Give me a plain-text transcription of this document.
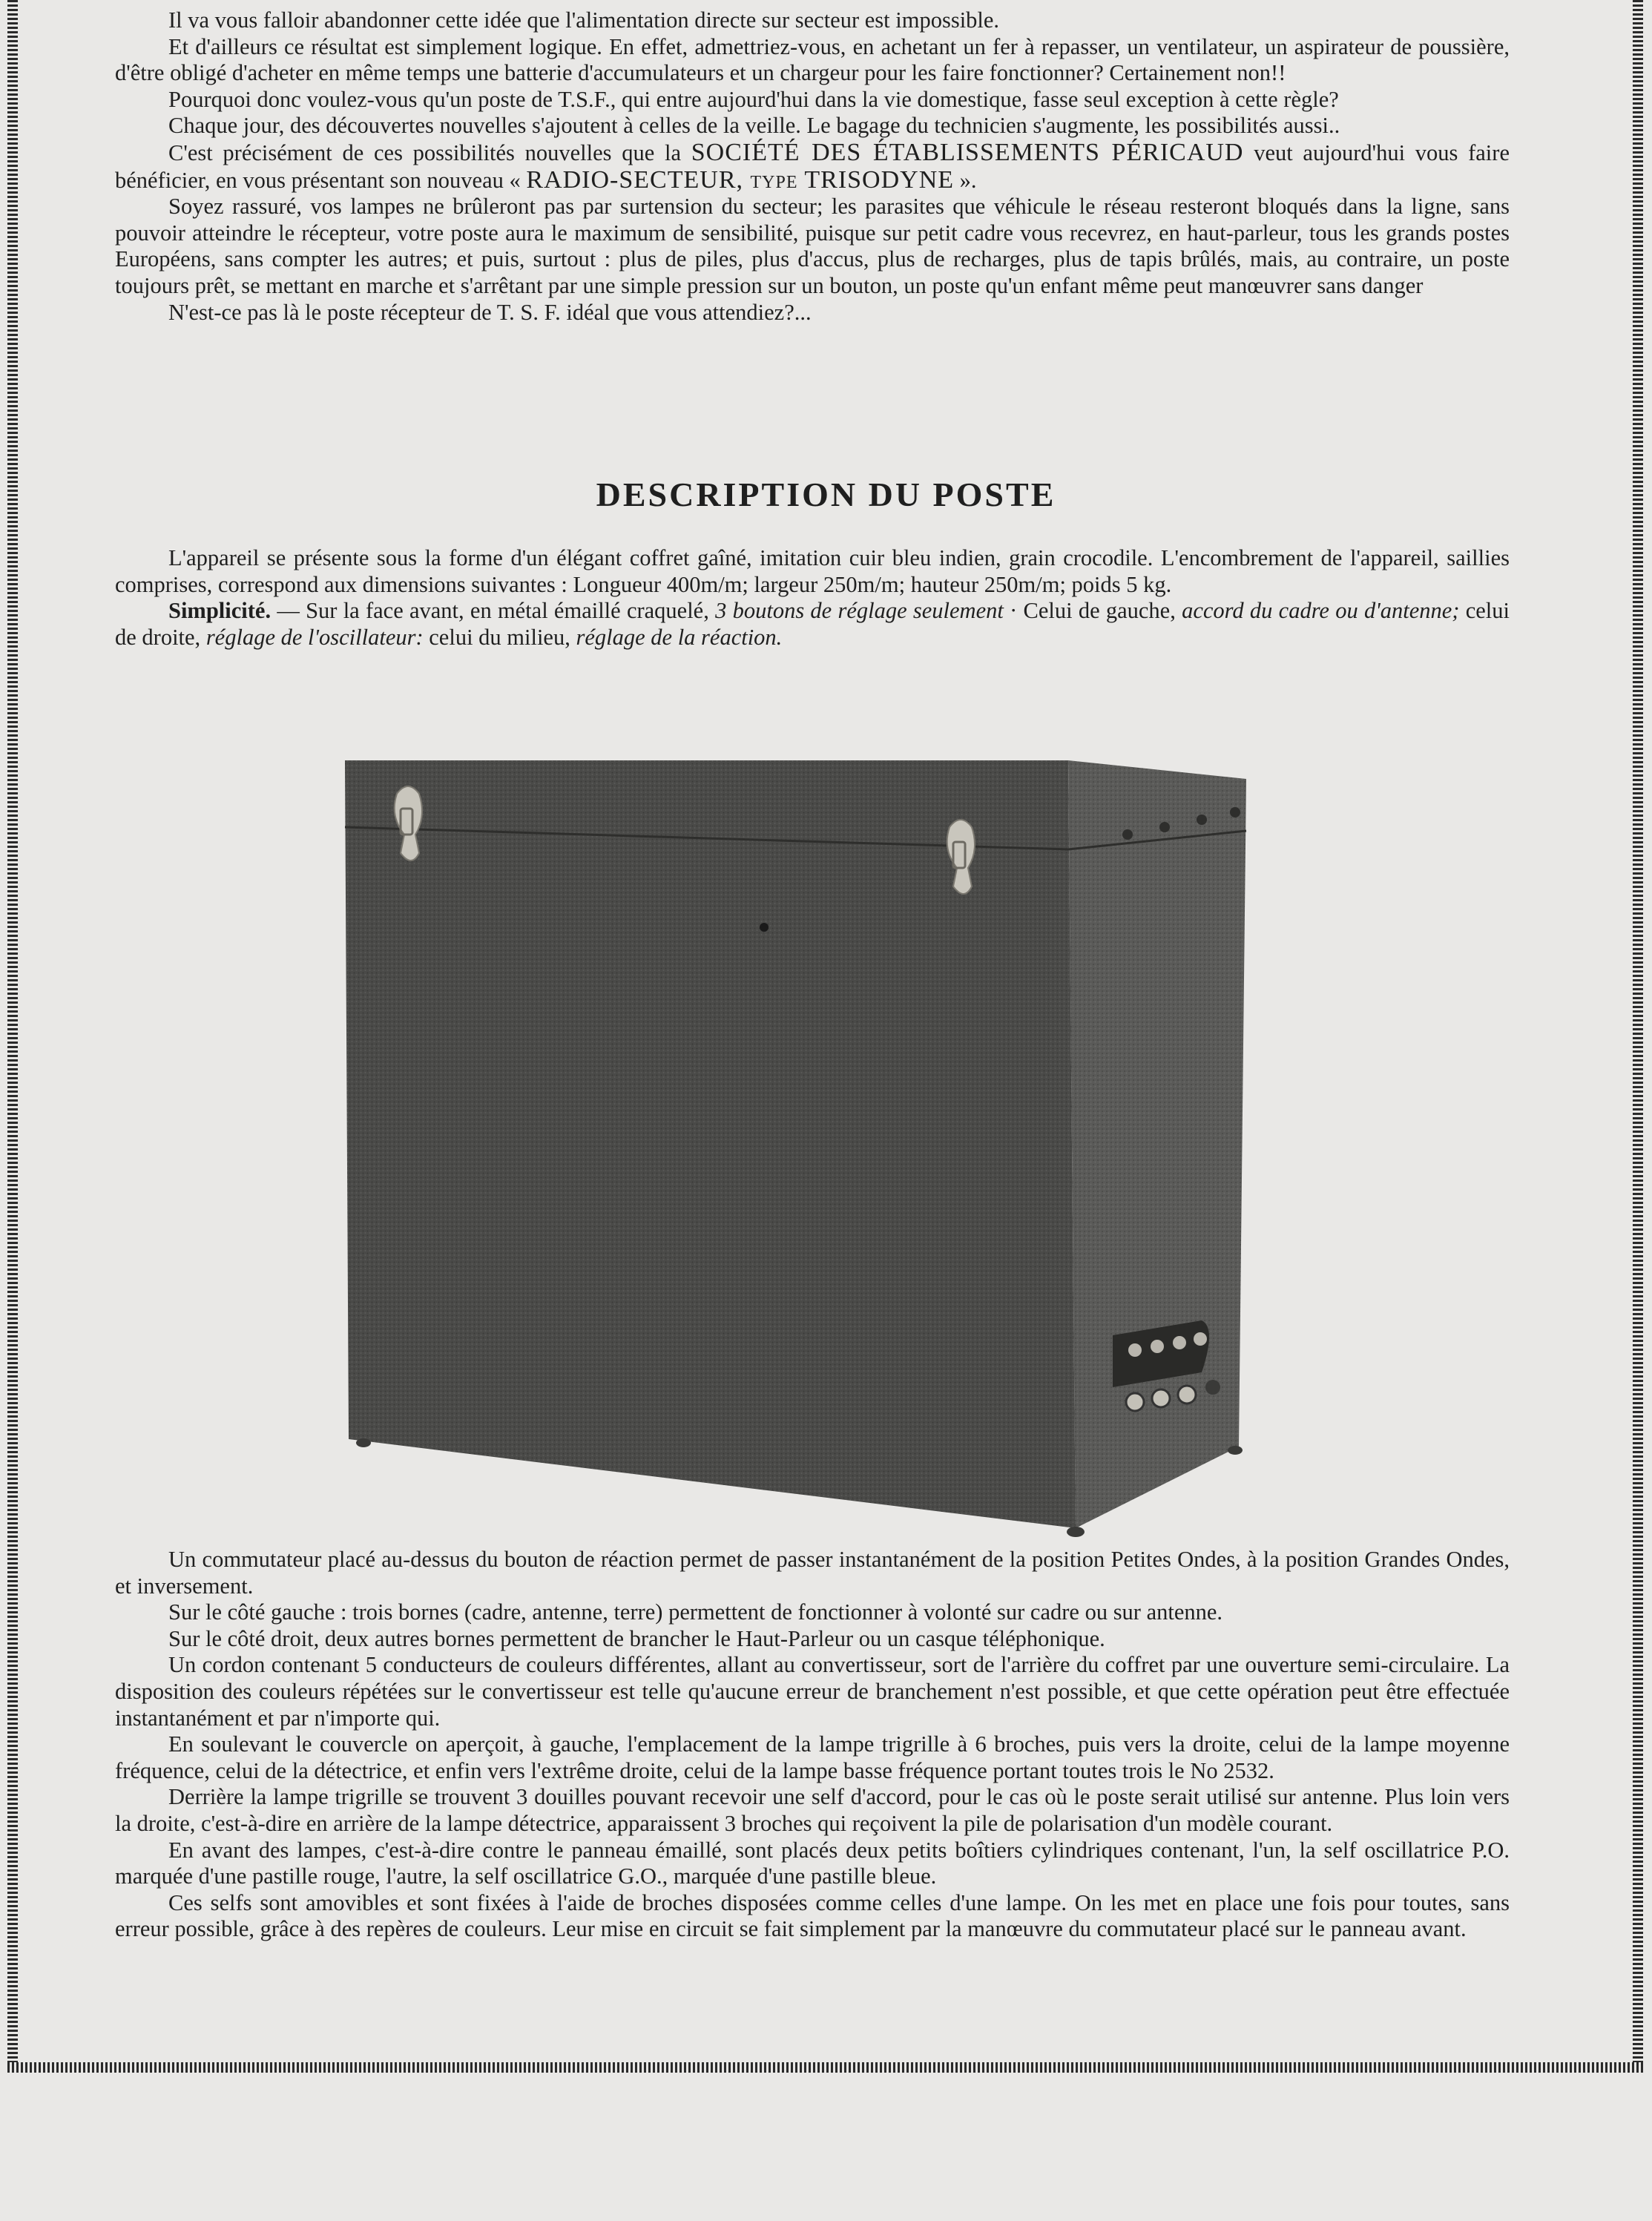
Il va vous falloir abandonner cette idée que l'alimentation directe sur secteur est impossible.

Et d'ailleurs ce résultat est simplement logique. En effet, admettriez-vous, en achetant un fer à repasser, un ventilateur, un aspirateur de poussière, d'être obligé d'acheter en même temps une batterie d'accumulateurs et un chargeur pour les faire fonctionner? Certainement non!!

Pourquoi donc voulez-vous qu'un poste de T.S.F., qui entre aujourd'hui dans la vie domestique, fasse seul exception à cette règle?

Chaque jour, des découvertes nouvelles s'ajoutent à celles de la veille. Le bagage du technicien s'augmente, les possibilités aussi..

C'est précisément de ces possibilités nouvelles que la SOCIÉTÉ DES ÉTABLISSEMENTS PÉRICAUD veut aujourd'hui vous faire bénéficier, en vous présentant son nouveau « RADIO-SECTEUR, type TRISODYNE ».

Soyez rassuré, vos lampes ne brûleront pas par surtension du secteur; les parasites que véhicule le réseau resteront bloqués dans la ligne, sans pouvoir atteindre le récepteur, votre poste aura le maximum de sensibilité, puisque sur petit cadre vous recevrez, en haut-parleur, tous les grands postes Européens, sans compter les autres; et puis, surtout : plus de piles, plus d'accus, plus de recharges, plus de tapis brûlés, mais, au contraire, un poste toujours prêt, se mettant en marche et s'arrêtant par une simple pression sur un bouton, un poste qu'un enfant même peut manœuvrer sans danger

N'est-ce pas là le poste récepteur de T. S. F. idéal que vous attendiez?...

DESCRIPTION DU POSTE

L'appareil se présente sous la forme d'un élégant coffret gaîné, imitation cuir bleu indien, grain crocodile. L'encombrement de l'appareil, saillies comprises, correspond aux dimensions suivantes : Longueur 400m/m; largeur 250m/m; hauteur 250m/m; poids 5 kg.

Simplicité. — Sur la face avant, en métal émaillé craquelé, 3 boutons de réglage seulement · Celui de gauche, accord du cadre ou d'antenne; celui de droite, réglage de l'oscillateur: celui du milieu, réglage de la réaction.

Un commutateur placé au-dessus du bouton de réaction permet de passer instantanément de la position Petites Ondes, à la position Grandes Ondes, et inversement.

Sur le côté gauche : trois bornes (cadre, antenne, terre) permettent de fonctionner à volonté sur cadre ou sur antenne.

Sur le côté droit, deux autres bornes permettent de brancher le Haut-Parleur ou un casque téléphonique.

Un cordon contenant 5 conducteurs de couleurs différentes, allant au convertisseur, sort de l'arrière du coffret par une ouverture semi-circulaire. La disposition des couleurs répétées sur le convertisseur est telle qu'aucune erreur de branchement n'est possible, et que cette opération peut être effectuée instantanément et par n'importe qui.

En soulevant le couvercle on aperçoit, à gauche, l'emplacement de la lampe trigrille à 6 broches, puis vers la droite, celui de la lampe moyenne fréquence, celui de la détectrice, et enfin vers l'extrême droite, celui de la lampe basse fréquence portant toutes trois le No 2532.

Derrière la lampe trigrille se trouvent 3 douilles pouvant recevoir une self d'accord, pour le cas où le poste serait utilisé sur antenne. Plus loin vers la droite, c'est-à-dire en arrière de la lampe détectrice, apparaissent 3 broches qui reçoivent la pile de polarisation d'un modèle courant.

En avant des lampes, c'est-à-dire contre le panneau émaillé, sont placés deux petits boîtiers cylindriques contenant, l'un, la self oscillatrice P.O. marquée d'une pastille rouge, l'autre, la self oscillatrice G.O., marquée d'une pastille bleue.

Ces selfs sont amovibles et sont fixées à l'aide de broches disposées comme celles d'une lampe. On les met en place une fois pour toutes, sans erreur possible, grâce à des repères de couleurs. Leur mise en circuit se fait simplement par la manœuvre du commutateur placé sur le panneau avant.
